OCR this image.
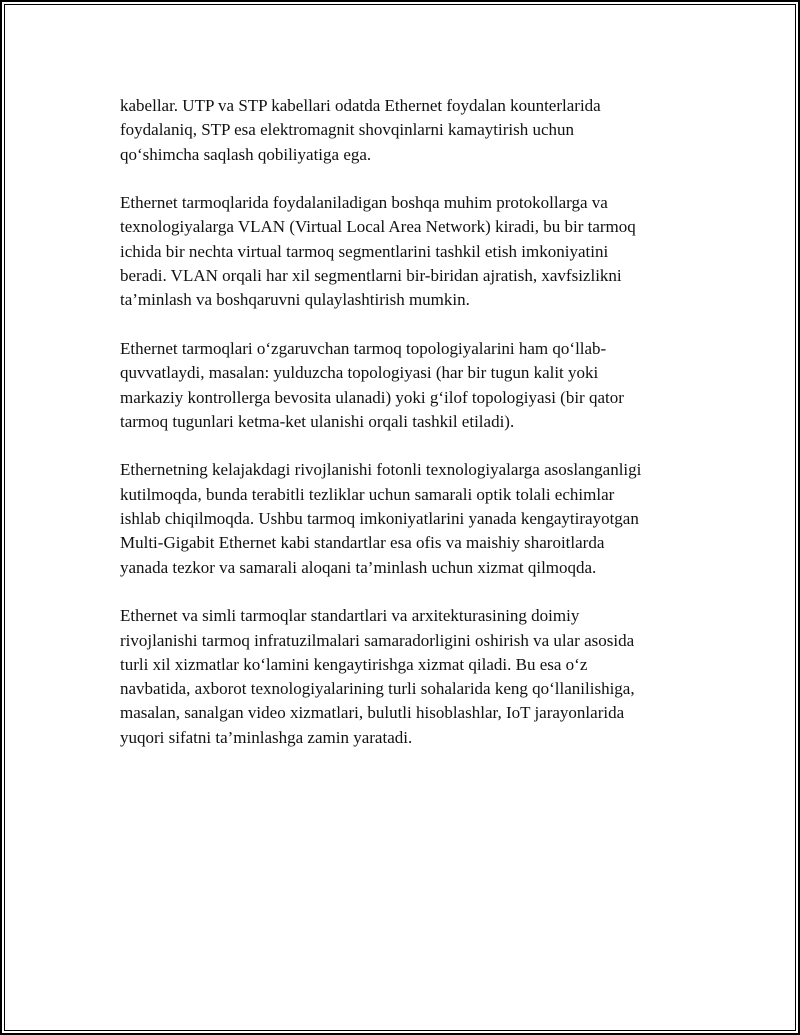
kabellar. UTP va STP kabellari odatda Ethernet foydalan kounterlarida
foydalaniq, STP esa elektromagnit shovqinlarni kamaytirish uchun
qo‘shimcha saqlash qobiliyatiga ega.

Ethernet tarmoqlarida foydalaniladigan boshqa muhim protokollarga va
texnologiyalarga VLAN (Virtual Local Area Network) kiradi, bu bir tarmoq
ichida bir nechta virtual tarmoq segmentlarini tashkil etish imkoniyatini
beradi. VLAN orqali har xil segmentlarni bir-biridan ajratish, xavfsizlikni
ta’minlash va boshqaruvni qulaylashtirish mumkin.

Ethernet tarmoqlari o‘zgaruvchan tarmoq topologiyalarini ham qo‘llab-
quvvatlaydi, masalan: yulduzcha topologiyasi (har bir tugun kalit yoki
markaziy kontrollerga bevosita ulanadi) yoki g‘ilof topologiyasi (bir qator
tarmoq tugunlari ketma-ket ulanishi orqali tashkil etiladi).

Ethernetning kelajakdagi rivojlanishi fotonli texnologiyalarga asoslanganligi
kutilmoqda, bunda terabitli tezliklar uchun samarali optik tolali echimlar
ishlab chiqilmoqda. Ushbu tarmoq imkoniyatlarini yanada kengaytirayotgan
Multi-Gigabit Ethernet kabi standartlar esa ofis va maishiy sharoitlarda
yanada tezkor va samarali aloqani ta’minlash uchun xizmat qilmoqda.

Ethernet va simli tarmoqlar standartlari va arxitekturasining doimiy
rivojlanishi tarmoq infratuzilmalari samaradorligini oshirish va ular asosida
turli xil xizmatlar ko‘lamini kengaytirishga xizmat qiladi. Bu esa o‘z
navbatida, axborot texnologiyalarining turli sohalarida keng qo‘llanilishiga,
masalan, sanalgan video xizmatlari, bulutli hisoblashlar, IoT jarayonlarida
yuqori sifatni ta’minlashga zamin yaratadi.
